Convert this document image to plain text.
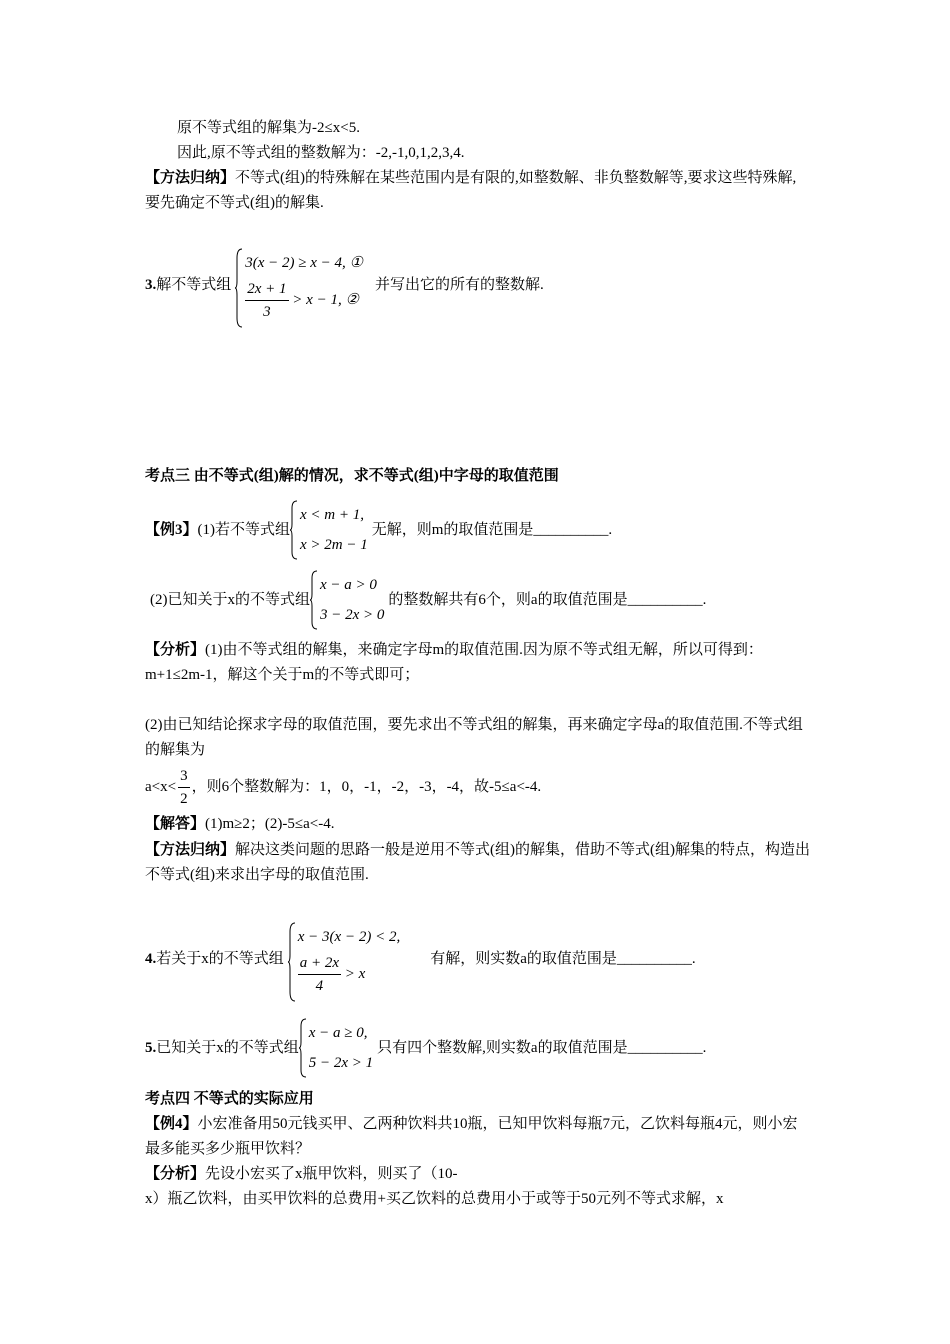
原不等式组的解集为-2≤x<5.
因此,原不等式组的整数解为：-2,-1,0,1,2,3,4.
【方法归纳】不等式(组)的特殊解在某些范围内是有限的,如整数解、非负整数解等,要求这些特殊解,要先确定不等式(组)的解集.
3. 解不等式组
3(x − 2) ≥ x − 4, ①
$\frac{2x + 1}{3} > x - 1$, ②
并写出它的所有的整数解.
考点三 由不等式(组)解的情况，求不等式(组)中字母的取值范围
【例3】 (1)若不等式组
x < m + 1,
x > 2m − 1
无解，则m的取值范围是__________.
(2)已知关于x的不等式组
x − a > 0
3 − 2x > 0
的整数解共有6个，则a的取值范围是__________.
【分析】(1)由不等式组的解集，来确定字母m的取值范围.因为原不等式组无解，所以可得到：m+1≤2m-1，解这个关于m的不等式即可；
(2)由已知结论探求字母的取值范围，要先求出不等式组的解集，再来确定字母a的取值范围.不等式组的解集为
$a<x< \frac{3}{2}$ ，则6个整数解为：1，0，-1，-2，-3，-4，故-5≤a<-4.
【解答】(1)m≥2；(2)-5≤a<-4.
【方法归纳】解决这类问题的思路一般是逆用不等式(组)的解集，借助不等式(组)解集的特点，构造出不等式(组)来求出字母的取值范围.
4. 若关于x的不等式组
x − 3(x − 2) < 2,
$\frac{a + 2x}{4} > x$
有解，则实数a的取值范围是__________.
5. 已知关于x的不等式组
x − a ≥ 0,
5 − 2x > 1
只有四个整数解,则实数a的取值范围是__________.
考点四 不等式的实际应用
【例4】小宏准备用50元钱买甲、乙两种饮料共10瓶，已知甲饮料每瓶7元，乙饮料每瓶4元，则小宏最多能买多少瓶甲饮料？
【分析】先设小宏买了x瓶甲饮料，则买了（10-
x）瓶乙饮料，由买甲饮料的总费用+买乙饮料的总费用小于或等于50元列不等式求解，x
